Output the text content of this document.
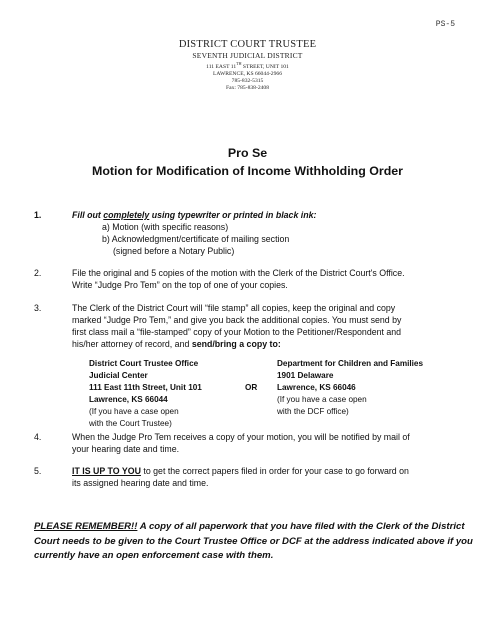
PS-5
DISTRICT COURT TRUSTEE
SEVENTH JUDICIAL DISTRICT
111 EAST 11TH STREET, UNIT 101
LAWRENCE, KS 66044-2966
785-832-5315
Fax: 785-838-2408
Pro Se
Motion for Modification of Income Withholding Order
1.	Fill out completely using typewriter or printed in black ink:
a) Motion (with specific reasons)
b) Acknowledgment/certificate of mailing section
(signed before a Notary Public)
2.	File the original and 5 copies of the motion with the Clerk of the District Court's Office.
Write “Judge Pro Tem” on the top of one of your copies.
3.	The Clerk of the District Court will “file stamp” all copies, keep the original and copy
marked “Judge Pro Tem,” and give you back the additional copies. You must send by
first class mail a “file-stamped” copy of your Motion to the Petitioner/Respondent and
his/her attorney of record, and send/bring a copy to:
District Court Trustee Office
Judicial Center
111 East 11th Street, Unit 101
Lawrence, KS 66044
(If you have a case open
with the Court Trustee)
OR
Department for Children and Families
1901 Delaware
Lawrence, KS 66046
(If you have a case open
with the DCF office)
4.	When the Judge Pro Tem receives a copy of your motion, you will be notified by mail of
your hearing date and time.
5.	IT IS UP TO YOU to get the correct papers filed in order for your case to go forward on
its assigned hearing date and time.
PLEASE REMEMBER!! A copy of all paperwork that you have filed with the Clerk of the District Court needs to be given to the Court Trustee Office or DCF at the address indicated above if you currently have an open enforcement case with them.
